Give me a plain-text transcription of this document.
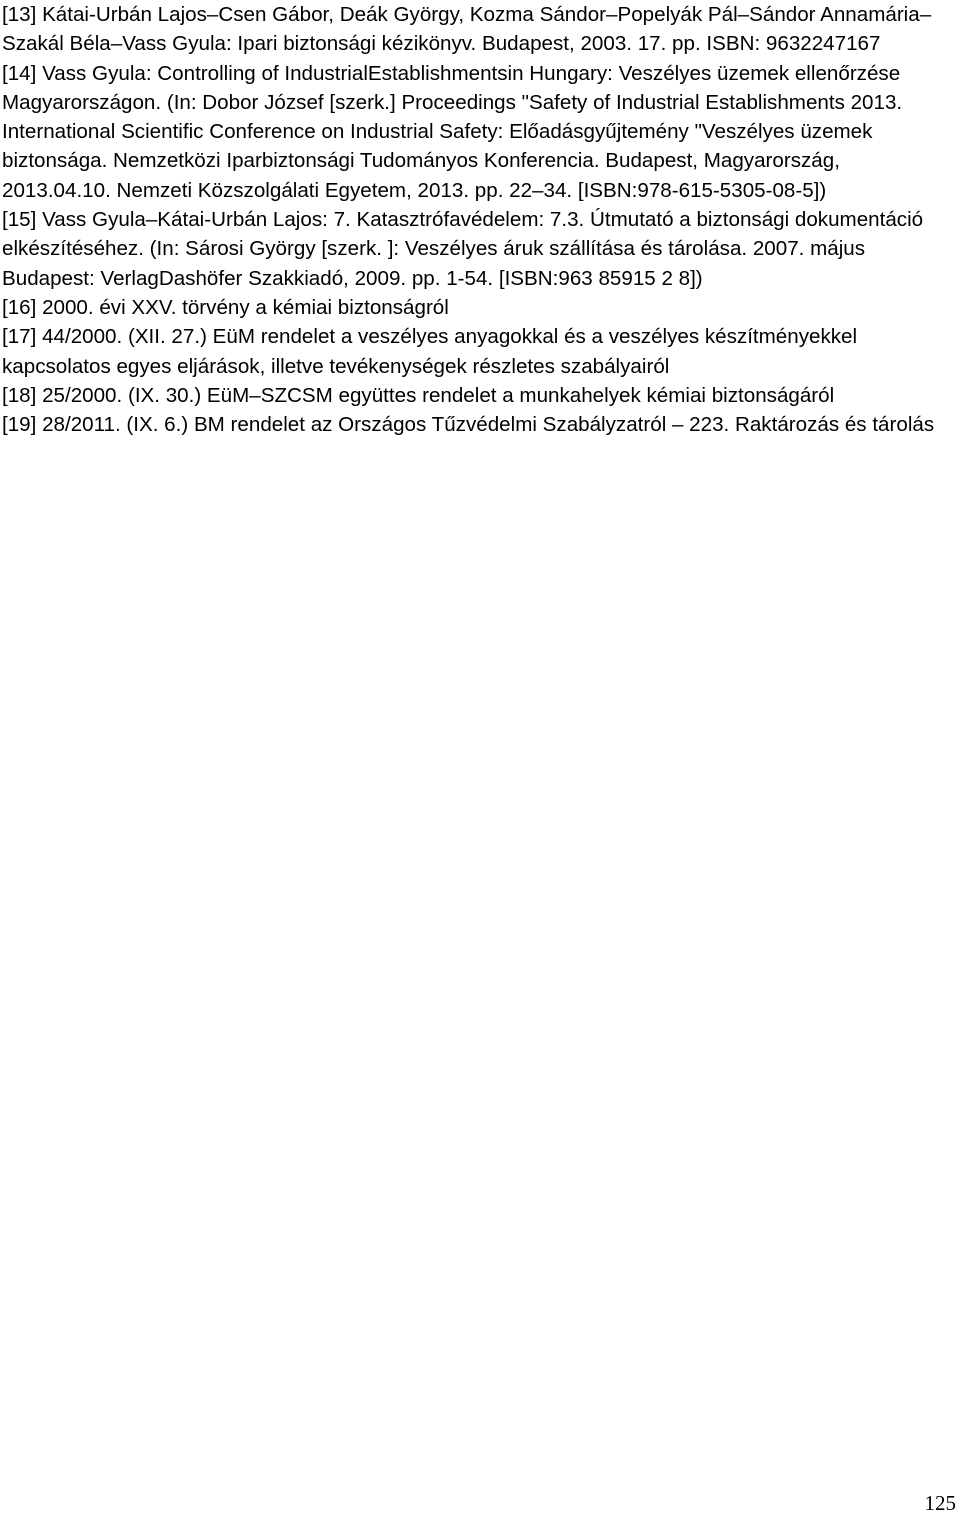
[13] Kátai-Urbán Lajos–Csen Gábor, Deák György, Kozma Sándor–Popelyák Pál–Sándor Annamária–Szakál Béla–Vass Gyula: Ipari biztonsági kézikönyv. Budapest, 2003. 17. pp. ISBN: 9632247167
[14] Vass Gyula: Controlling of IndustrialEstablishmentsin Hungary: Veszélyes üzemek ellenőrzése Magyarországon. (In: Dobor József [szerk.] Proceedings "Safety of Industrial Establishments 2013. International Scientific Conference on Industrial Safety: Előadásgyűjtemény "Veszélyes üzemek biztonsága. Nemzetközi Iparbiztonsági Tudományos Konferencia. Budapest, Magyarország, 2013.04.10. Nemzeti Közszolgálati Egyetem, 2013. pp. 22–34. [ISBN:978-615-5305-08-5])
[15] Vass Gyula–Kátai-Urbán Lajos: 7. Katasztrófavédelem: 7.3. Útmutató a biztonsági dokumentáció elkészítéséhez. (In: Sárosi György [szerk. ]: Veszélyes áruk szállítása és tárolása. 2007. május Budapest: VerlagDashöfer Szakkiadó, 2009. pp. 1-54. [ISBN:963 85915 2 8])
[16] 2000. évi XXV. törvény a kémiai biztonságról
[17] 44/2000. (XII. 27.) EüM rendelet a veszélyes anyagokkal és a veszélyes készítményekkel kapcsolatos egyes eljárások, illetve tevékenységek részletes szabályairól
[18] 25/2000. (IX. 30.) EüM–SZCSM együttes rendelet a munkahelyek kémiai biztonságáról
[19] 28/2011. (IX. 6.) BM rendelet az Országos Tűzvédelmi Szabályzatról – 223. Raktározás és tárolás
125
